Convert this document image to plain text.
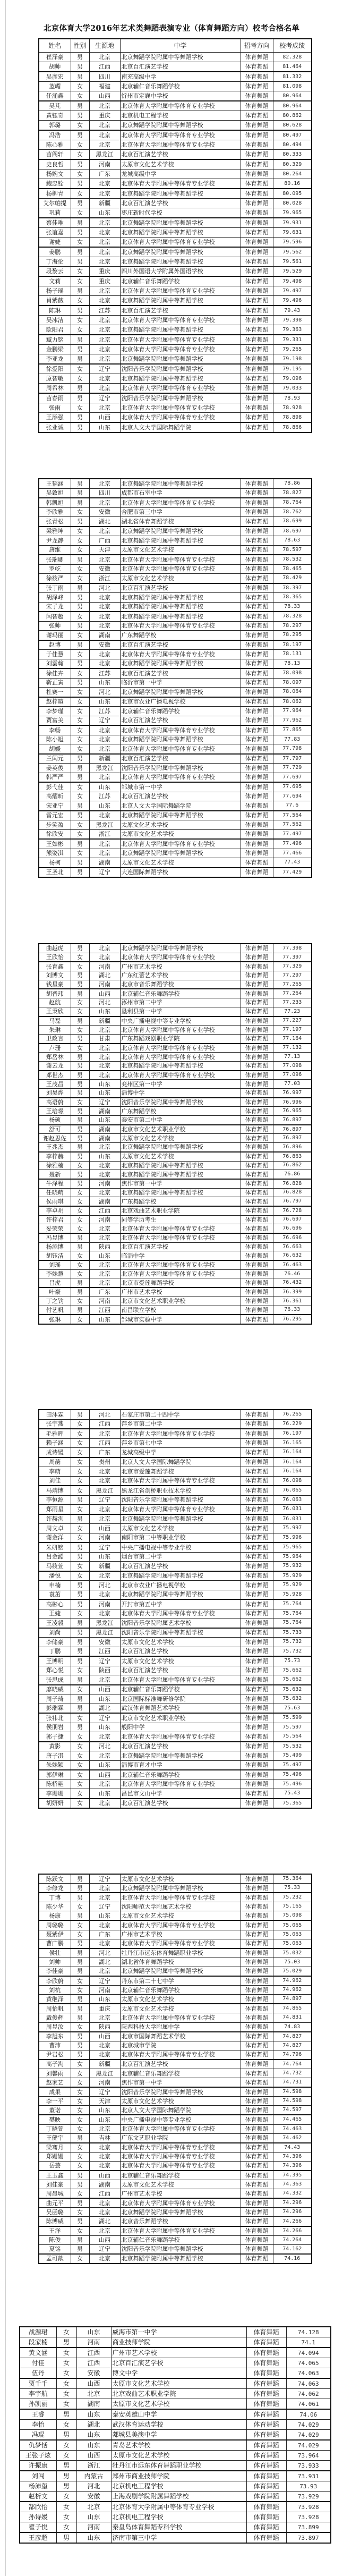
北京体育大学2016年艺术类舞蹈表演专业（体育舞蹈方向）校考合格名单
姓名	性别	生源地	中学	招考方向	校考成绩
崔泽豪	男	北京	北京舞蹈学院附属中等舞蹈学校	体育舞蹈	82.328
胡帅	男	江西	北京百汇演艺学校	体育舞蹈	81.464
吴彦宏	男	四川	南充高级中学	体育舞蹈	81.332
蓝嵋	女	福建	北京辅仁音乐舞蹈学校	体育舞蹈	81.098
任涌鑫	女	山西	忻州市定襄中学校	体育舞蹈	80.964
吴芃	男	北京	北京体育大学附属中等体育专业学校	体育舞蹈	80.964
黄钰奇	男	重庆	北京机电工程学校	体育舞蹈	80.862
郭璐	女	北京	北京舞蹈学院附属中等舞蹈学校	体育舞蹈	80.628
冯浩	男	北京	北京体育大学附属中等体育专业学校	体育舞蹈	80.497
陈心雅	女	北京	北京体育大学附属中等体育专业学校	体育舞蹈	80.494
苗阁轩	女	黑龙江	北京百汇演艺学校	体育舞蹈	80.333
史良哲	男	河南	太原市文化艺术学校	体育舞蹈	80.329
杨婉文	女	广东	龙城高级中学	体育舞蹈	80.264
鲍忠铨	男	北京	北京体育大学附属中等体育专业学校	体育舞蹈	80.16
杨柳青	女	北京	北京舞蹈学院附属中等舞蹈学校	体育舞蹈	80.095
艾尔帕提	男	新疆	北京百汇演艺学校	体育舞蹈	80.028
巩莉	女	山东	枣庄新时代学校	体育舞蹈	79.965
蔡佳唯	男	北京	北京舞蹈学院附属中等舞蹈学校	体育舞蹈	79.931
张谊嘉	男	北京	北京舞蹈学院附属中等舞蹈学校	体育舞蹈	79.631
谢婕	女	北京	北京体育大学附属中等体育专业学校	体育舞蹈	79.596
姜鹏	男	北京	北京舞蹈学院附属中等舞蹈学校	体育舞蹈	79.562
丁海伦	男	北京	北京舞蹈学院附属中等舞蹈学校	体育舞蹈	79.561
段黎云	女	重庆	四川外国语大学附属外国语学校	体育舞蹈	79.529
文莉	女	重庆	北京辅仁音乐舞蹈学校	体育舞蹈	79.498
杨子瑶	男	北京	北京体育大学附属中等体育专业学校	体育舞蹈	79.497
肖紫薇	女	北京	北京舞蹈学院附属中等舞蹈学校	体育舞蹈	79.496
陈琳	男	江苏	北京百汇演艺学校	体育舞蹈	79.43
吴冰洁	女	北京	北京体育大学附属中等体育专业学校	体育舞蹈	79.398
欧阳君	女	北京	北京舞蹈学院附属中等舞蹈学校	体育舞蹈	79.363
臧力铭	男	北京	北京体育大学附属中等体育专业学校	体育舞蹈	79.331
金鹏梁	男	北京	北京体育大学附属中等体育专业学校	体育舞蹈	79.265
李亚龙	男	北京	北京舞蹈学院附属中等舞蹈学校	体育舞蹈	79.198
徐爱阳	女	辽宁	沈阳音乐学院附属中等舞蹈学校	体育舞蹈	79.195
原智敏	女	北京	北京舞蹈学院附属中等舞蹈学校	体育舞蹈	79.096
周希林	男	北京	北京体育大学附属中等体育专业学校	体育舞蹈	79.033
苗春雨	男	辽宁	沈阳音乐学院附属中等舞蹈学校	体育舞蹈	78.93
张雨	女	北京	北京体育大学附属中等体育专业学校	体育舞蹈	78.928
王添强	男	山西	北京体育大学附属中等体育专业学校	体育舞蹈	78.898
张业诚	男	山东	北京人文大学国际舞蹈学院	体育舞蹈	78.866
王韬涵	男	北京	北京舞蹈学院附属中等舞蹈学校	体育舞蹈	78.86
吴致旭	男	四川	成都市石室中学	体育舞蹈	78.827
韩凯旭	男	北京	北京体育大学附属中等体育专业学校	体育舞蹈	78.764
李欣雅	女	安徽	合肥市第三中学	体育舞蹈	78.762
张青松	男	湖北	湖北省体育舞蹈学校	体育舞蹈	78.699
梁雅坤	女	北京	北京舞蹈学院附属中等舞蹈学校	体育舞蹈	78.697
尹龙静	女	广西	北京舞蹈学院附属中等舞蹈学校	体育舞蹈	78.63
唐维	女	天津	太原市文化艺术学校	体育舞蹈	78.597
张瑞卿	男	北京	北京体育大学附属中等体育专业学校	体育舞蹈	78.532
罗屹	女	安徽	北京体育大学附属中等体育专业学校	体育舞蹈	78.465
徐筱严	女	浙江	太原市文化艺术学校	体育舞蹈	78.429
张丁雨	男	河北	北京百汇演艺学校	体育舞蹈	78.397
胡泽峰	男	北京	北京舞蹈学院附属中等舞蹈学校	体育舞蹈	78.365
宋子龙	男	北京	北京舞蹈学院附属中等舞蹈学校	体育舞蹈	78.33
闫智超	女	北京	北京舞蹈学院附属中等舞蹈学校	体育舞蹈	78.328
张帅	男	北京	北京体育大学附属中等体育专业学校	体育舞蹈	78.297
谢玛丽	女	湖南	广东舞蹈学校	体育舞蹈	78.295
赵博	男	安徽	北京百汇演艺学校	体育舞蹈	78.197
于佳慧	女	北京	北京体育大学附属中等体育专业学校	体育舞蹈	78.131
刘雲翰	男	北京	北京舞蹈学院附属中等舞蹈学校	体育舞蹈	78.13
徐佳卉	女	江苏	北京百汇演艺学校	体育舞蹈	78.098
靳正寅	男	山东	临沂市第一中学	体育舞蹈	78.097
杜赛一	女	河北	北京舞蹈学院附属中等舞蹈学校	体育舞蹈	78.064
赵梓暄	女	山东	北京市农业广播电视学校	体育舞蹈	78.062
李梦瑾	女	江苏	北京辅仁音乐舞蹈学校	体育舞蹈	77.964
贾富美	女	辽宁	北京百汇演艺学校	体育舞蹈	77.962
李畅	女	北京	北京体育大学附属中等体育专业学校	体育舞蹈	77.865
陈小旭	女	北京	北京舞蹈学院附属中等舞蹈学校	体育舞蹈	77.83
胡媛	女	北京	北京体育大学附属中等体育专业学校	体育舞蹈	77.798
兰闰元	男	新疆	北京百汇演艺学校	体育舞蹈	77.797
姜英俊	男	黑龙江	沈阳音乐学院附属中等舞蹈学校	体育舞蹈	77.729
韩严严	男	北京	北京体育大学附属中等体育专业学校	体育舞蹈	77.697
彭弋佳	女	山东	邹城市第一中学	体育舞蹈	77.695
高熠昕	女	江苏	北京百汇演艺学校	体育舞蹈	77.694
宋亚宁	男	山东	北京人文大学国际舞蹈学院	体育舞蹈	77.6
雷元宏	男	北京	北京舞蹈学院附属中等舞蹈学校	体育舞蹈	77.564
步笑盈	女	黑龙江	太原文化艺术学校	体育舞蹈	77.562
徐欣安	女	浙江	太原市文化艺术学校	体育舞蹈	77.497
王如彬	男	北京	北京体育大学附属中等体育专业学校	体育舞蹈	77.496
熊姿淇	女	北京	北京舞蹈学院附属中等舞蹈学校	体育舞蹈	77.466
杨柯	男	湖南	太原市文化艺术学校	体育舞蹈	77.43
王圣北	男	辽宁	大连国际舞蹈学校	体育舞蹈	77.429
曲越虎	男	北京	北京舞蹈学院附属中等舞蹈学校	体育舞蹈	77.398
王欣怡	女	北京	北京体育大学附属中等体育专业学校	体育舞蹈	77.397
张育鑫	女	河南	广州市艺术学校	体育舞蹈	77.329
刘博文	男	湖北	广东红蕾艺术学校	体育舞蹈	77.297
钱星豪	男	河南	北京市音乐舞蹈学校	体育舞蹈	77.265
胡晋玮	男	山西	北京辅仁音乐舞蹈学校	体育舞蹈	77.264
赵航	女	河北	涿州市第二中学	体育舞蹈	77.233
王秉欣	女	山东	垦利县第一中学	体育舞蹈	77.23
马磊	男	新疆	中央广播电视中等专业学校	体育舞蹈	77.227
朱琳	女	北京	北京体育大学附属中等体育专业学校	体育舞蹈	77.197
卫政言	男	甘肃	广东舞蹈戏剧职业学院	体育舞蹈	77.164
卢珊	女	北京	北京体育大学附属中等体育专业学校	体育舞蹈	77.132
郑岳林	男	北京	北京体育大学附属中等体育专业学校	体育舞蹈	77.13
谢云龙	男	北京	北京舞蹈学院附属中等舞蹈学校	体育舞蹈	77.098
邓世杰	男	北京	北京体育大学附属中等体育专业学校	体育舞蹈	77.096
王茂昌	男	山东	兖州区第一中学	体育舞蹈	77.03
刘昊烨	男	山东	淄博中学	体育舞蹈	76.997
高语蔚	女	辽宁	沈阳音乐学院附属中等舞蹈学校	体育舞蹈	76.996
王培璟	男	湖南	广东舞蹈学校	体育舞蹈	76.965
杨硕	男	山东	泰安市第二中学	体育舞蹈	76.897
舒可	男	湖南	北京市文化艺术职业学校	体育舞蹈	76.897
谢赵思佐	男	湖南	太原市文化艺术学校	体育舞蹈	76.897
王兆杰	男	北京	北京舞蹈学院附属中等舞蹈学校	体育舞蹈	76.896
李梓赫	男	山东	太原市文化艺术学校	体育舞蹈	76.863
徐雅楠	女	北京	北京舞蹈学院附属中等舞蹈学校	体育舞蹈	76.862
聂新	男	北京	北京舞蹈学院附属中等舞蹈学校	体育舞蹈	76.86
牛泽程	男	河南	焦作市第一中学	体育舞蹈	76.828
任晓萌	女	北京	北京舞蹈学院附属中等舞蹈学校	体育舞蹈	76.828
侯雨琪	女	湖南	广东舞蹈学校	体育舞蹈	76.797
李卓玥	女	江西	北京戏曲艺术职业学院	体育舞蹈	76.728
许梓君	女	河南	同等学历考生	体育舞蹈	76.697
妥荣荣	女	北京	北京体育大学附属中等体育专业学校	体育舞蹈	76.696
冯昱博	男	北京	北京体育大学附属中等体育专业学校	体育舞蹈	76.696
杨添博	男	陕西	北京百汇演艺学校	体育舞蹈	76.663
胡钰洁	女	山东	临淄中学	体育舞蹈	76.632
刘瑶	女	北京	北京体育大学附属中等体育专业学校	体育舞蹈	76.463
李姝慧	女	北京	北京体育大学附属中等体育专业学校	体育舞蹈	76.46
吕虎	男	北京	北京市爱莲舞蹈学校	体育舞蹈	76.432
叶豪	男	广东	广州市艺术学校	体育舞蹈	76.399
丁之钧	女	河南	北京市文化艺术职业学校	体育舞蹈	76.361
付艺帆	男	江西	南昌联立学校	体育舞蹈	76.33
张琳	女	山东	邹城市实验中学	体育舞蹈	76.295
田沐霖	男	河北	石家庄市第二十四中学	体育舞蹈	76.265
张宇燕	女	江西	萍乡市第二中学	体育舞蹈	76.229
毛雅晖	女	北京	北京体育大学附属中等体育专业学校	体育舞蹈	76.197
赖子涵	女	江西	萍乡市第七中学	体育舞蹈	76.165
成诗媛	女	广东	龙城高级中学	体育舞蹈	76.164
周菡	女	贵州	北京人文大学国际舞蹈学院	体育舞蹈	76.164
李萌	女	北京	北京市爱莲舞蹈学校	体育舞蹈	76.164
刘佳	女	北京	北京体育大学附属中等体育专业学校	体育舞蹈	76.098
马靖博	女	黑龙江	黑龙江省剑桥职业技术学校	体育舞蹈	76.065
李恒源	男	辽宁	沈阳音乐学院附属中等舞蹈学校	体育舞蹈	76.063
郑雨星	女	北京	北京体育大学附属中等体育专业学校	体育舞蹈	76.031
许赫洵	男	北京	北京舞蹈学院附属中等舞蹈学校	体育舞蹈	76.031
周文卓	女	山西	太原市文化艺术学校	体育舞蹈	75.997
谢金洋	女	河南	南阳市第二中等职业学校	体育舞蹈	75.996
朱研铭	男	辽宁	中央广播电视中等专业学校	体育舞蹈	75.965
吕金澔	男	山东	烟台市第二中学	体育舞蹈	75.964
马筱萱	女	新疆	北京百汇演艺学校	体育舞蹈	75.932
潘悦	女	北京	北京舞蹈学院附属中等舞蹈学校	体育舞蹈	75.929
申楠	男	河北	北京市农业广播电视学校	体育舞蹈	75.929
袁茁	男	北京	北京舞蹈学院附属中等舞蹈学校	体育舞蹈	75.928
高彬心	男	河南	开封市第五中学	体育舞蹈	75.764
王婕	女	北京	北京体育大学附属中等体育专业学校	体育舞蹈	75.764
王凌毅	男	黑龙江	沈阳音乐学院附属艺术学校	体育舞蹈	75.764
刘尚	男	黑龙江	沈阳音乐学院附属中等舞蹈学校	体育舞蹈	75.733
李储豪	男	安徽	太原市文化艺术学校	体育舞蹈	75.732
丁鹏	男	江西	北京百汇演艺学校	体育舞蹈	75.732
王博明	男	辽宁	太原市文化艺术学校	体育舞蹈	75.73
郑心悦	女	陕西	北京百汇演艺学校	体育舞蹈	75.662
张思成	男	北京	北京体育大学附属中等体育专业学校	体育舞蹈	75.662
靡晓威	女	山西	北京辅仁音乐舞蹈学校	体育舞蹈	75.632
周子琦	男	山东	北京国际标准舞研修学院	体育舞蹈	75.632
彭瑞霖	男	湖北	武汉体育舞蹈艺术学校	体育舞蹈	75.63
张祎北	女	辽宁	北京市文化艺术职业学校	体育舞蹈	75.599
侯朋岩	男	山东	般阳中学	体育舞蹈	75.597
郭子捷	女	北京	北京体育大学附属中等体育专业学校	体育舞蹈	75.564
黄影	女	河北	北京百汇演艺学校	体育舞蹈	75.532
唐子淇	女	北京	北京舞蹈学院附属中等舞蹈学校	体育舞蹈	75.499
朱姝颖	女	山东	淄博市育才中学	体育舞蹈	75.497
郭伊琳	女	山西	北京辅仁音乐舞蹈学校	体育舞蹈	75.496
陈桥艳	女	北京	北京体育大学附属中等体育专业学校	体育舞蹈	75.496
李珊珊	女	山东	昌邑市文山中学	体育舞蹈	75.43
胡妍妍	女	北京	北京百汇演艺学校	体育舞蹈	75.365
陈跃文	男	辽宁	太原市文化艺术学校	体育舞蹈	75.364
李修龙	男	北京	北京舞蹈学院附属中等舞蹈学校	体育舞蹈	75.33
丁博	男	北京	北京体育大学附属中等体育专业学校	体育舞蹈	75.232
陈少华	女	辽宁	沈阳师范大学附属艺术学校	体育舞蹈	75.165
杨康	男	山东	太原市文化艺术学校	体育舞蹈	75.098
周璐璐	女	北京	北京体育大学附属中等体育专业学校	体育舞蹈	75.065
聂紫伊	女	广东	广州市艺术学校	体育舞蹈	75.063
曹广鹏	男	北京	北京体育大学附属中等体育专业学校	体育舞蹈	75.063
侯壮	男	河北	牡丹江市远东体育舞蹈职业学校	体育舞蹈	75.032
刘帅	男	湖北	湖北省体育舞蹈学校	体育舞蹈	75.03
李佳豪	男	北京	北京舞蹈学院附属中等舞蹈学校	体育舞蹈	75.029
李欣蔚	女	辽宁	丹东市第二十七中学	体育舞蹈	74.962
刘杭	女	河南	北京辅仁音乐舞蹈学校	体育舞蹈	74.962
黄继泽	男	山东	太原市文化艺术学校	体育舞蹈	74.897
周怡帆	男	重庆	太原市文化艺术学校	体育舞蹈	74.865
戴俊辉	男	北京	北京体育大学附属中等体育专业学校	体育舞蹈	74.831
周昱汝	女	陕西	陕西科技大学附属中学	体育舞蹈	74.83
李旭东	男	山西	北京市国际舞蹈艺术学校	体育舞蹈	74.827
曹沛	男	北京	北京城市学院	体育舞蹈	74.827
尹岩松	男	北京	北京体育大学附属中等体育专业学校	体育舞蹈	74.796
高子淘	女	新疆	北京百汇演艺学校	体育舞蹈	74.764
刘馨雨	女	黑龙江	北京辅仁音乐舞蹈学校	体育舞蹈	74.732
赵家艺	女	河南	焦作市第一中学	体育舞蹈	74.731
成果	女	辽宁	沈阳音乐学院附属中等舞蹈学校	体育舞蹈	74.598
李一平	女	天津	太原市文化艺术学校	体育舞蹈	74.598
董诺	女	山东	北京人文大学国际舞蹈学院	体育舞蹈	74.597
樊映	女	山东	中央广播电视中等专业学校	体育舞蹈	74.465
丁晓萱	女	北京	北京体育大学附属中等体育专业学校	体育舞蹈	74.463
王健宇	男	吉林	广东文艺职业学院	体育舞蹈	74.462
梁骞月	女	北京	北京体育大学附属中等体育专业学校	体育舞蹈	74.43
郑姗姗	女	北京	北京体育大学附属中等体育专业学校	体育舞蹈	74.396
岳芸	女	北京	北京体育大学附属中等体育专业学校	体育舞蹈	74.396
王玉鑫	男	山西	北京辅仁音乐舞蹈学校	体育舞蹈	74.395
刘佳豪	男	湖南	太原市文化艺术学校	体育舞蹈	74.363
周晨城	女	江西	广州市艺术学校	体育舞蹈	74.332
曲元平	男	北京	北京体育大学附属中等体育专业学校	体育舞蹈	74.296
吴函璐	女	北京	北京舞蹈学院附属中等舞蹈学校	体育舞蹈	74.296
陈博威	男	湖北	北京音乐舞蹈学校	体育舞蹈	74.266
王洋	女	北京	北京体育大学附属中等体育专业学校	体育舞蹈	74.266
陈俊	男	山西	北京辅仁音乐舞蹈学校	体育舞蹈	74.264
夏铭	男	辽宁	沈阳音乐学院附属中等舞蹈学校	体育舞蹈	74.162
孟可歆	女	北京	北京舞蹈学院附属中等舞蹈学校	体育舞蹈	74.16
战源珺	女	山东	威海市第一中学	体育舞蹈	74.128
段家楠	男	河南	商业技师学院	体育舞蹈	74.1
黄文涵	女	江西	广州市艺术学校	体育舞蹈	74.094
付佳	女	江西	北京百汇演艺学校	体育舞蹈	74.065
伍丹	女	安徽	博文中学	体育舞蹈	74.063
贾千千	女	山西	太原市文化艺术学校	体育舞蹈	74.063
李宇航	女	北京	北京戏曲艺术职业学院	体育舞蹈	74.062
孙凯丽	女	湖南	太原市文化艺术学校	体育舞蹈	74.061
王睿	男	山东	泰安英雄山中学	体育舞蹈	74.06
李怡	女	湖北	武汉体育运动学校	体育舞蹈	74.029
冯琨	男	山东	郯城县美澳中学	体育舞蹈	74.029
仇梦恬	女	山东	青岛艺术学校	体育舞蹈	74.029
王张子炫	女	山西	太原市文化艺术学校	体育舞蹈	73.964
许振康	男	浙江	牡丹江市远东体育舞蹈职业学校	体育舞蹈	73.933
刘闯	男	内蒙古	郑州市商业技师学院	体育舞蹈	73.931
杨沛玺	男	河北	北京机电工程学校	体育舞蹈	73.93
赵析文	女	安徽	上海戏剧学院附属舞蹈学校	体育舞蹈	73.929
郜欣怡	女	北京	北京体育大学附属中等体育专业学校	体育舞蹈	73.928
孙诗媛	女	山东	北京机电工程学校	体育舞蹈	73.928
翟子悦	女	河南	秦皇岛体育舞蹈专科学校	体育舞蹈	73.899
王彦超	男	山东	济南市第三中学	体育舞蹈	73.897
